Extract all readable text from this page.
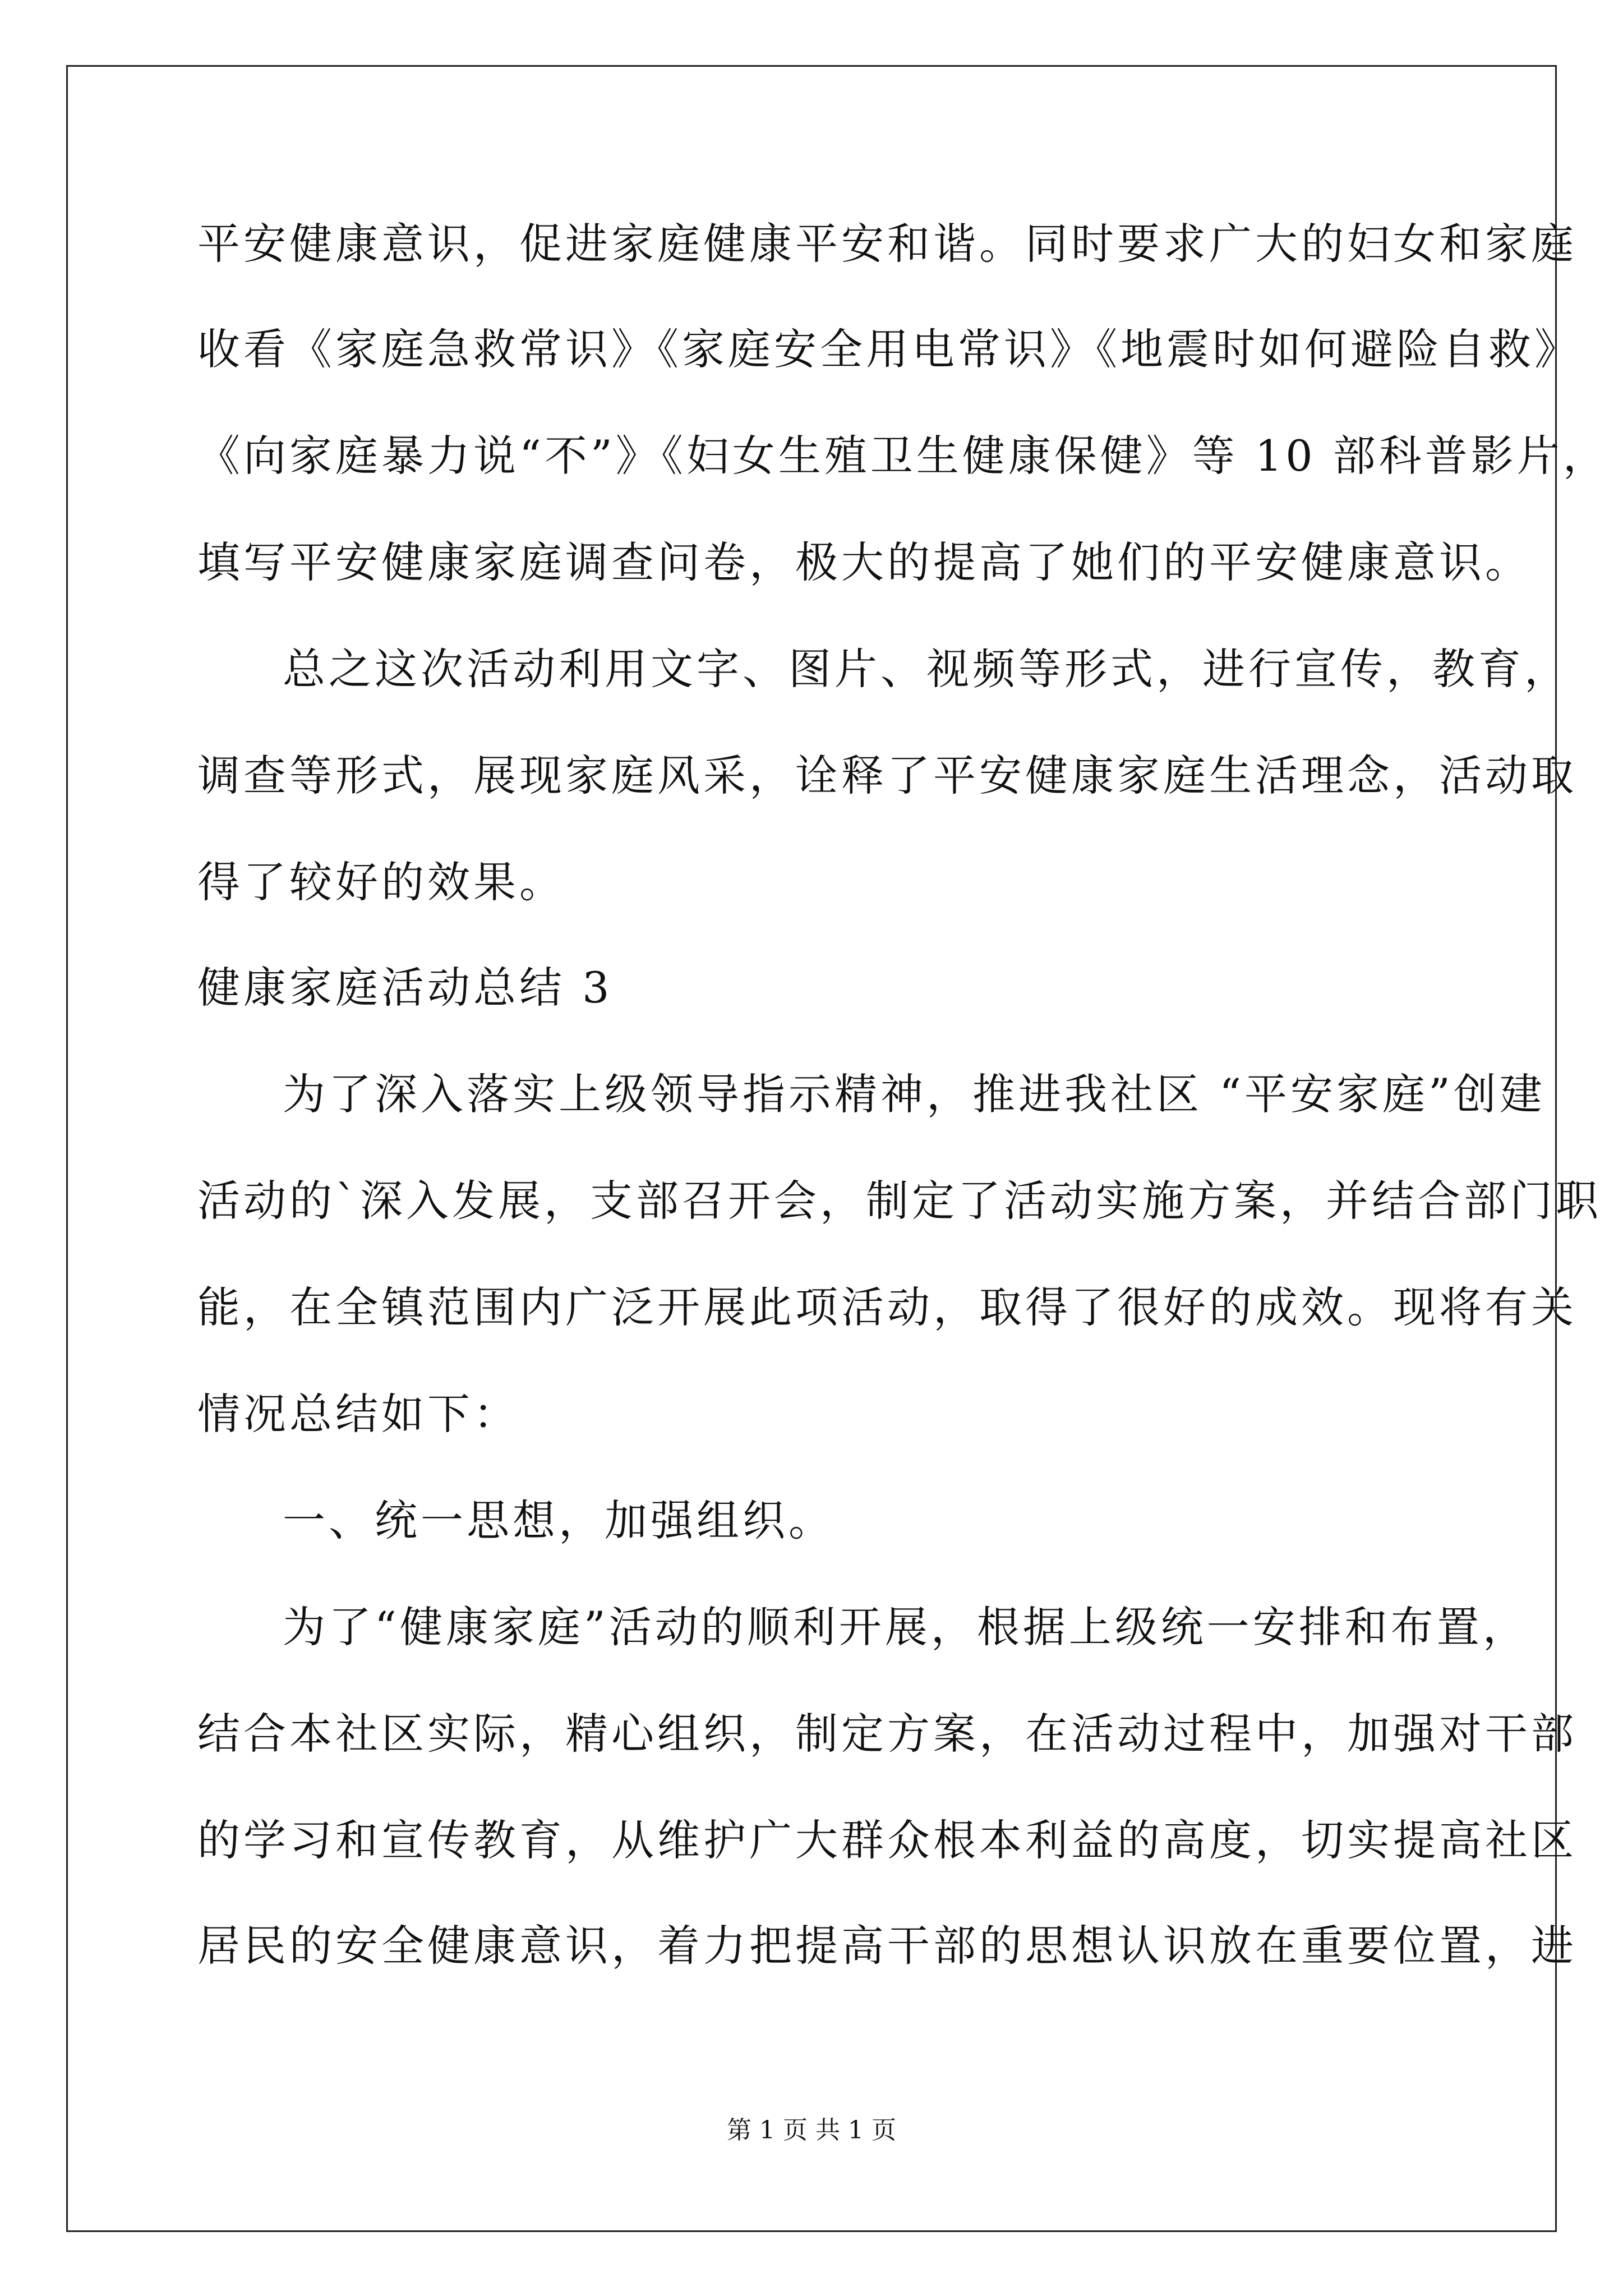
平安健康意识，促进家庭健康平安和谐。同时要求广大的妇女和家庭
收看《家庭急救常识》《家庭安全用电常识》《地震时如何避险自救》
《向家庭暴力说“不”》《妇女生殖卫生健康保健》等 10 部科普影片，
填写平安健康家庭调查问卷，极大的提高了她们的平安健康意识。
总之这次活动利用文字、图片、视频等形式，进行宣传，教育，
调查等形式，展现家庭风采，诠释了平安健康家庭生活理念，活动取
得了较好的效果。
健康家庭活动总结 3
为了深入落实上级领导指示精神，推进我社区 “平安家庭”创建
活动的`深入发展，支部召开会，制定了活动实施方案，并结合部门职
能，在全镇范围内广泛开展此项活动，取得了很好的成效。现将有关
情况总结如下：
一、统一思想，加强组织。
为了“健康家庭”活动的顺利开展，根据上级统一安排和布置，
结合本社区实际，精心组织，制定方案，在活动过程中，加强对干部
的学习和宣传教育，从维护广大群众根本利益的高度，切实提高社区
居民的安全健康意识，着力把提高干部的思想认识放在重要位置，进
第 1 页 共 1 页
